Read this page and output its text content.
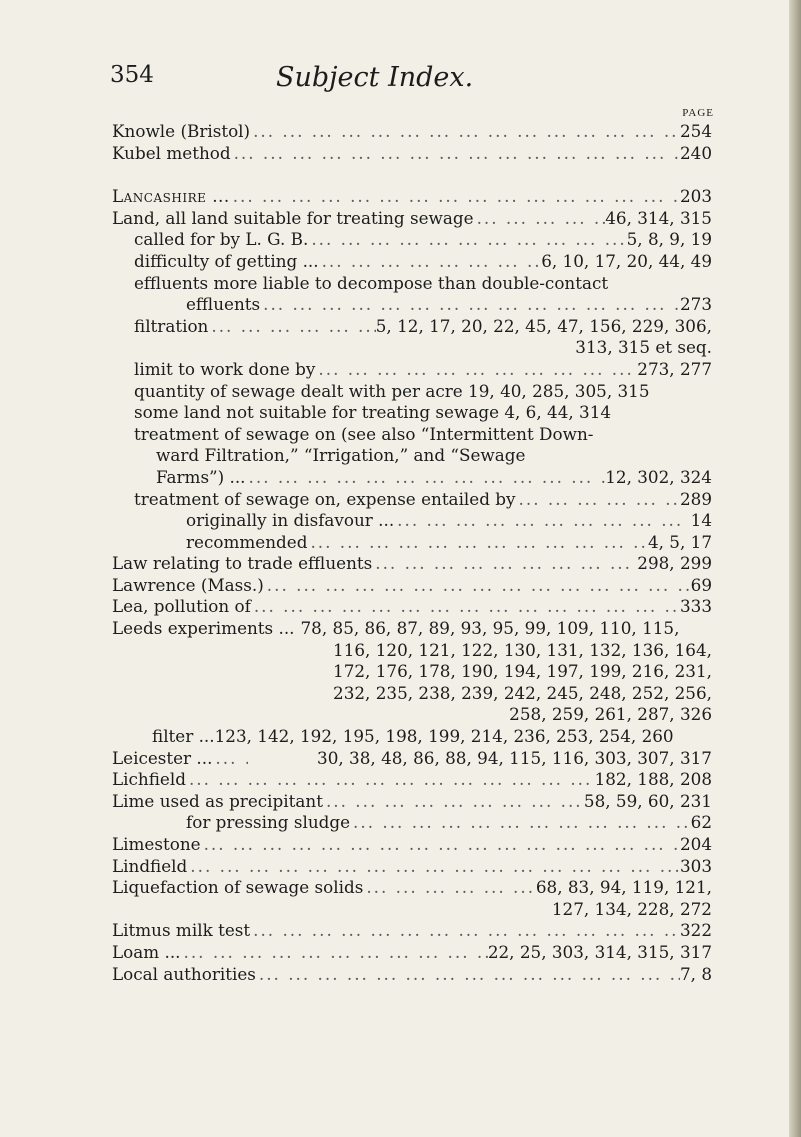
354	Subject Index.
PAGE
Knowle (Bristol) ... .	254
Kubel method ... .	240
Lancashire ... ... .	203
Land, all land suitable for treating sewage ... .	46, 314, 315
called for by L. G. B. ... .	5, 8, 9, 19
difficulty of getting ... ... .	6, 10, 17, 20, 44, 49
effluents more liable to decompose than double-contact
effluents ... .	273
filtration ... .	5, 12, 17, 20, 22, 45, 47, 156, 229, 306,
313, 315 et seq.
limit to work done by ... .	273, 277
quantity of sewage dealt with per acre 19, 40, 285, 305, 315
some land not suitable for treating sewage 4, 6, 44, 314
treatment of sewage on (see also “Intermittent Down-
ward Filtration,” “Irrigation,” and “Sewage
Farms”) ... ... .	12, 302, 324
treatment of sewage on, expense entailed by ... .	289
originally in disfavour ... ... .	14
recommended ... .	4, 5, 17
Law relating to trade effluents ... .	298, 299
Lawrence (Mass.) ... .	69
Lea, pollution of ... .	333
Leeds experiments ... 78, 85, 86, 87, 89, 93, 95, 99, 109, 110, 115,
116, 120, 121, 122, 130, 131, 132, 136, 164,
172, 176, 178, 190, 194, 197, 199, 216, 231,
232, 235, 238, 239, 242, 245, 248, 252, 256,
258, 259, 261, 287, 326
filter ...123, 142, 192, 195, 198, 199, 214, 236, 253, 254, 260
Leicester ... ... .	30, 38, 48, 86, 88, 94, 115, 116, 303, 307, 317
Lichfield ... .	182, 188, 208
Lime used as precipitant ... .	58, 59, 60, 231
for pressing sludge ... .	62
Limestone ... .	204
Lindfield ... .	303
Liquefaction of sewage solids ... .	68, 83, 94, 119, 121,
127, 134, 228, 272
Litmus milk test ... .	322
Loam ... ... .	22, 25, 303, 314, 315, 317
Local authorities ... .	7, 8
